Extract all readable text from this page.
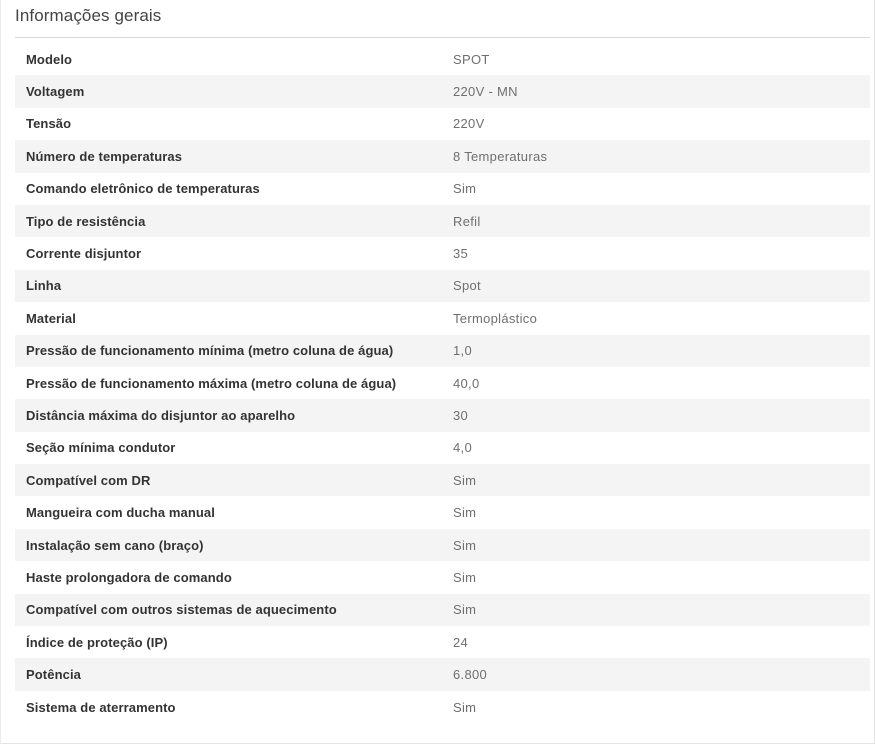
Informações gerais
Modelo	SPOT
Voltagem	220V - MN
Tensão	220V
Número de temperaturas	8 Temperaturas
Comando eletrônico de temperaturas	Sim
Tipo de resistência	Refil
Corrente disjuntor	35
Linha	Spot
Material	Termoplástico
Pressão de funcionamento mínima (metro coluna de água)	1,0
Pressão de funcionamento máxima (metro coluna de água)	40,0
Distância máxima do disjuntor ao aparelho	30
Seção mínima condutor	4,0
Compatível com DR	Sim
Mangueira com ducha manual	Sim
Instalação sem cano (braço)	Sim
Haste prolongadora de comando	Sim
Compatível com outros sistemas de aquecimento	Sim
Índice de proteção (IP)	24
Potência	6.800
Sistema de aterramento	Sim
